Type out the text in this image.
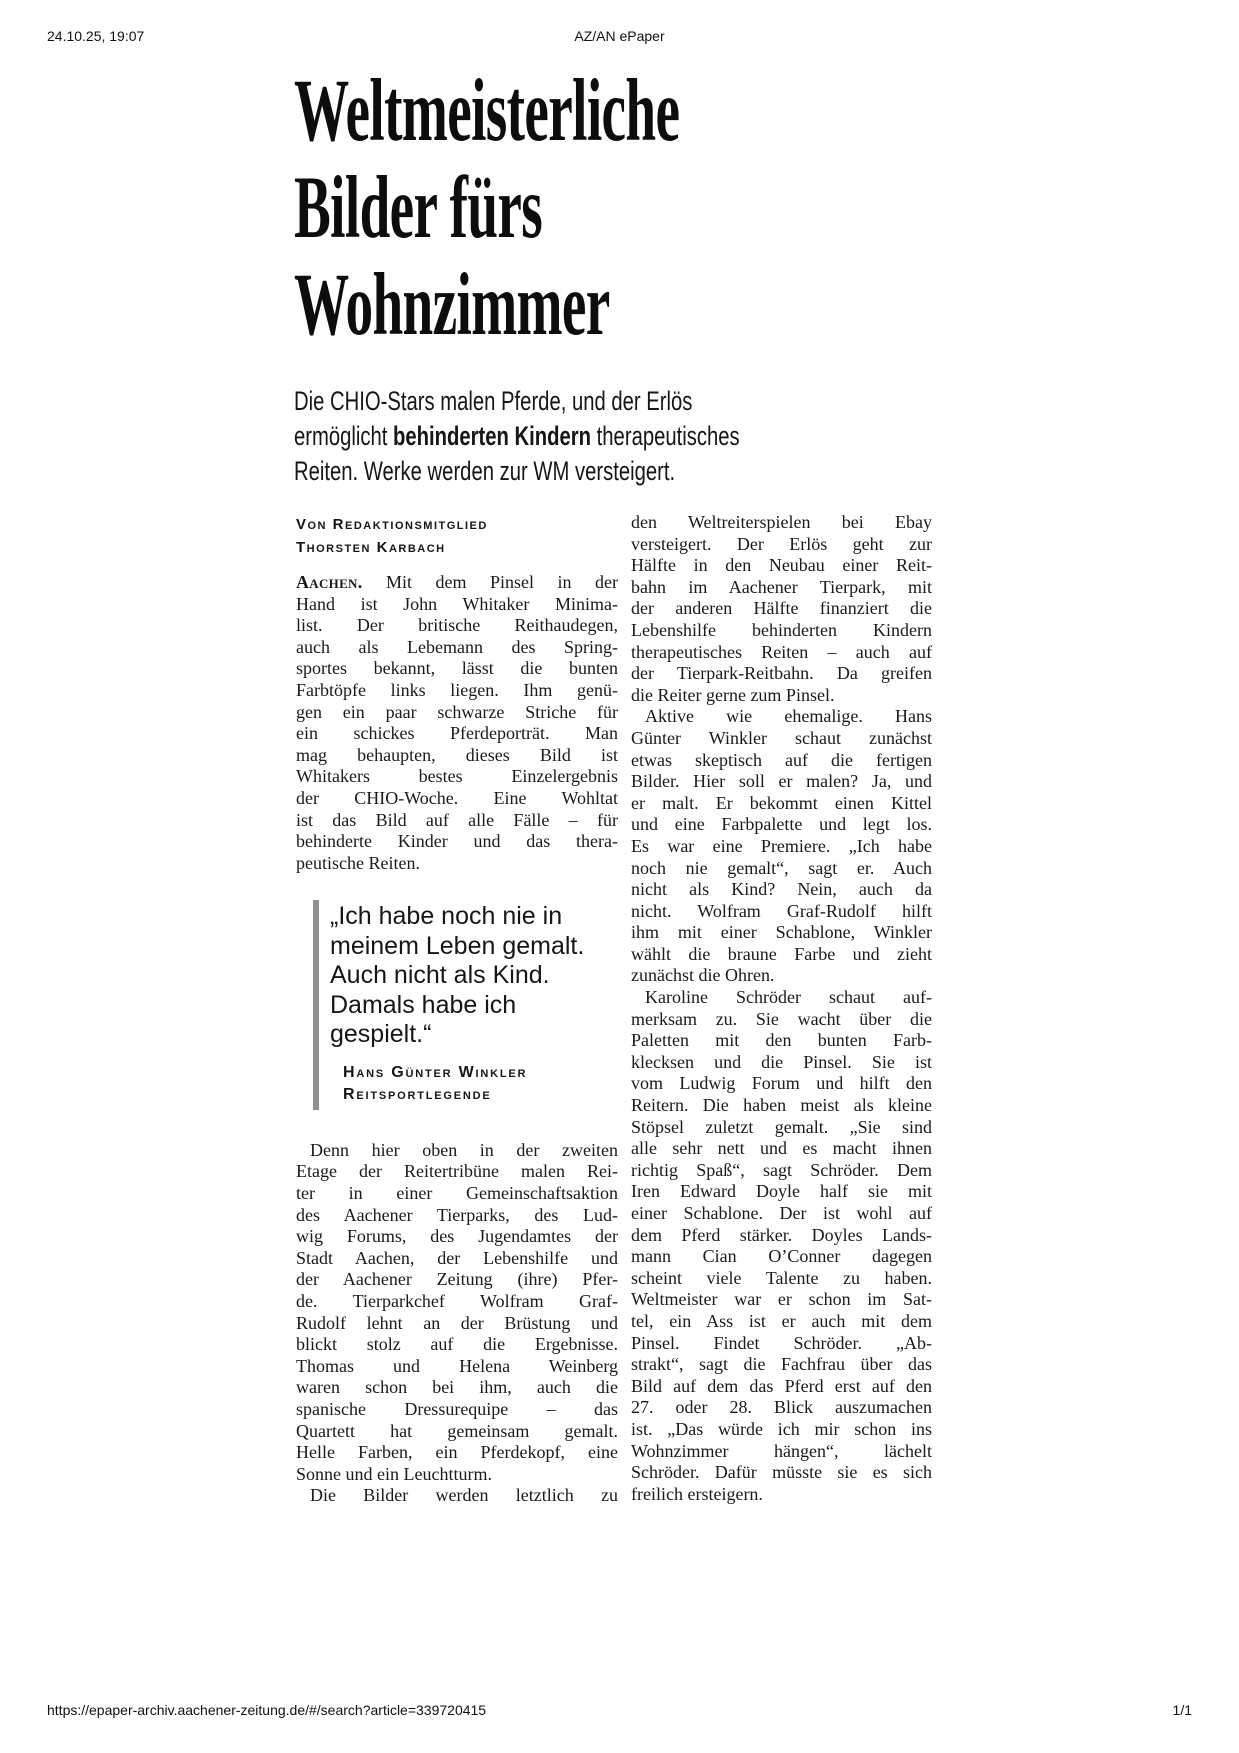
24.10.25, 19:07	AZ/AN ePaper
Weltmeisterliche
Bilder fürs
Wohnzimmer
Die CHIO-Stars malen Pferde, und der Erlös
ermöglicht behinderten Kindern therapeutisches
Reiten. Werke werden zur WM versteigert.
Von Redaktionsmitglied
Thorsten Karbach
Aachen. Mit dem Pinsel in der
Hand ist John Whitaker Minima-
list. Der britische Reithaudegen,
auch als Lebemann des Spring-
sportes bekannt, lässt die bunten
Farbtöpfe links liegen. Ihm genü-
gen ein paar schwarze Striche für
ein schickes Pferdeporträt. Man
mag behaupten, dieses Bild ist
Whitakers bestes Einzelergebnis
der CHIO-Woche. Eine Wohltat
ist das Bild auf alle Fälle – für
behinderte Kinder und das thera-
peutische Reiten.
„Ich habe noch nie in
meinem Leben gemalt.
Auch nicht als Kind.
Damals habe ich
gespielt.“
Hans Günter Winkler
Reitsportlegende
Denn hier oben in der zweiten
Etage der Reitertribüne malen Rei-
ter in einer Gemeinschaftsaktion
des Aachener Tierparks, des Lud-
wig Forums, des Jugendamtes der
Stadt Aachen, der Lebenshilfe und
der Aachener Zeitung (ihre) Pfer-
de. Tierparkchef Wolfram Graf-
Rudolf lehnt an der Brüstung und
blickt stolz auf die Ergebnisse.
Thomas und Helena Weinberg
waren schon bei ihm, auch die
spanische Dressurequipe – das
Quartett hat gemeinsam gemalt.
Helle Farben, ein Pferdekopf, eine
Sonne und ein Leuchtturm.
Die Bilder werden letztlich zu
den Weltreiterspielen bei Ebay
versteigert. Der Erlös geht zur
Hälfte in den Neubau einer Reit-
bahn im Aachener Tierpark, mit
der anderen Hälfte finanziert die
Lebenshilfe behinderten Kindern
therapeutisches Reiten – auch auf
der Tierpark-Reitbahn. Da greifen
die Reiter gerne zum Pinsel.
Aktive wie ehemalige. Hans
Günter Winkler schaut zunächst
etwas skeptisch auf die fertigen
Bilder. Hier soll er malen? Ja, und
er malt. Er bekommt einen Kittel
und eine Farbpalette und legt los.
Es war eine Premiere. „Ich habe
noch nie gemalt“, sagt er. Auch
nicht als Kind? Nein, auch da
nicht. Wolfram Graf-Rudolf hilft
ihm mit einer Schablone, Winkler
wählt die braune Farbe und zieht
zunächst die Ohren.
Karoline Schröder schaut auf-
merksam zu. Sie wacht über die
Paletten mit den bunten Farb-
klecksen und die Pinsel. Sie ist
vom Ludwig Forum und hilft den
Reitern. Die haben meist als kleine
Stöpsel zuletzt gemalt. „Sie sind
alle sehr nett und es macht ihnen
richtig Spaß“, sagt Schröder. Dem
Iren Edward Doyle half sie mit
einer Schablone. Der ist wohl auf
dem Pferd stärker. Doyles Lands-
mann Cian O’Conner dagegen
scheint viele Talente zu haben.
Weltmeister war er schon im Sat-
tel, ein Ass ist er auch mit dem
Pinsel. Findet Schröder. „Ab-
strakt“, sagt die Fachfrau über das
Bild auf dem das Pferd erst auf den
27. oder 28. Blick auszumachen
ist. „Das würde ich mir schon ins
Wohnzimmer hängen“, lächelt
Schröder. Dafür müsste sie es sich
freilich ersteigern.
https://epaper-archiv.aachener-zeitung.de/#/search?article=339720415	1/1
